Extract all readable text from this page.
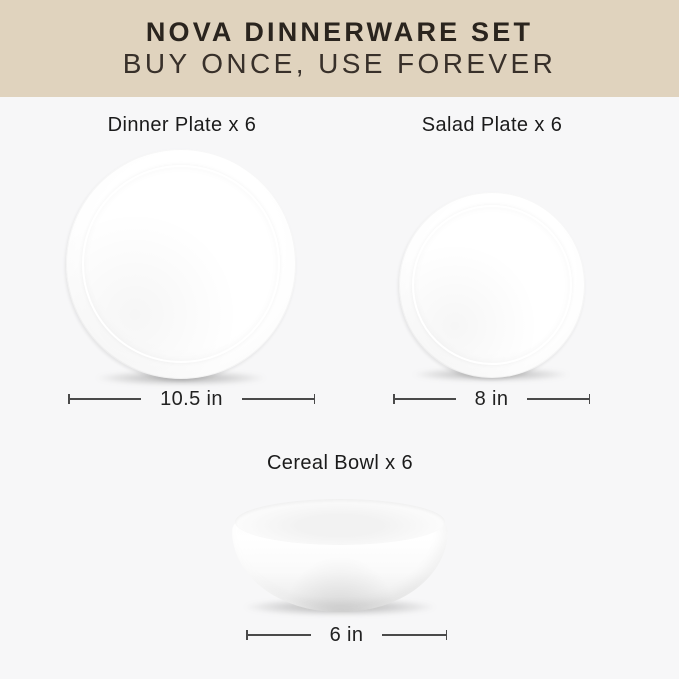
NOVA DINNERWARE SET
BUY ONCE, USE FOREVER
Dinner Plate x 6
10.5 in
Salad Plate x 6
8 in
Cereal Bowl x 6
6 in
